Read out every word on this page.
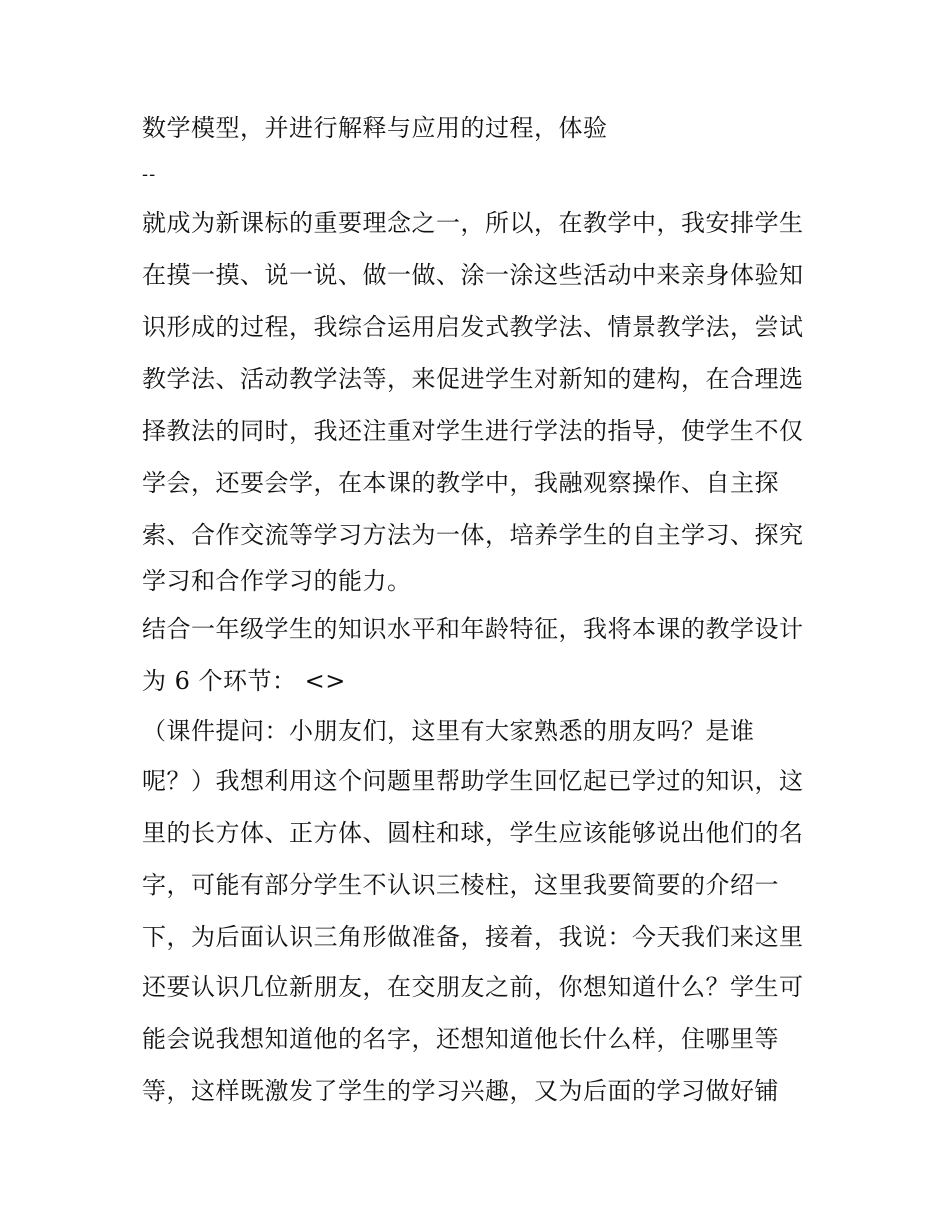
数学模型，并进行解释与应用的过程，体验
--
就成为新课标的重要理念之一，所以，在教学中，我安排学生
在摸一摸、说一说、做一做、涂一涂这些活动中来亲身体验知
识形成的过程，我综合运用启发式教学法、情景教学法，尝试
教学法、活动教学法等，来促进学生对新知的建构，在合理选
择教法的同时，我还注重对学生进行学法的指导，使学生不仅
学会，还要会学，在本课的教学中，我融观察操作、自主探
索、合作交流等学习方法为一体，培养学生的自主学习、探究
学习和合作学习的能力。
结合一年级学生的知识水平和年龄特征，我将本课的教学设计
为 6 个环节： <>
（课件提问：小朋友们，这里有大家熟悉的朋友吗？是谁
呢？）我想利用这个问题里帮助学生回忆起已学过的知识，这
里的长方体、正方体、圆柱和球，学生应该能够说出他们的名
字，可能有部分学生不认识三棱柱，这里我要简要的介绍一
下，为后面认识三角形做准备，接着，我说：今天我们来这里
还要认识几位新朋友，在交朋友之前，你想知道什么？学生可
能会说我想知道他的名字，还想知道他长什么样，住哪里等
等，这样既激发了学生的学习兴趣，又为后面的学习做好铺
